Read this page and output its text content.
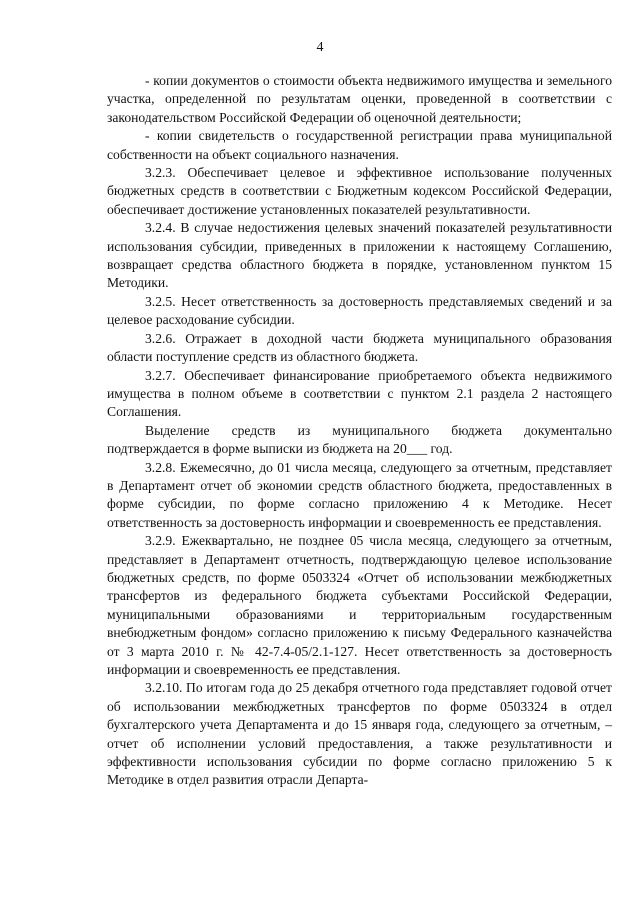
4

- копии документов о стоимости объекта недвижимого имущества и земельного участка, определенной по результатам оценки, проведенной в соответствии с законодательством Российской Федерации об оценочной деятельности;

- копии свидетельств о государственной регистрации права муниципальной собственности на объект социального назначения.

3.2.3. Обеспечивает целевое и эффективное использование полученных бюджетных средств в соответствии с Бюджетным кодексом Российской Федерации, обеспечивает достижение установленных показателей результативности.

3.2.4. В случае недостижения целевых значений показателей результативности использования субсидии, приведенных в приложении к настоящему Соглашению, возвращает средства областного бюджета в порядке, установленном пунктом 15 Методики.

3.2.5. Несет ответственность за достоверность представляемых сведений и за целевое расходование субсидии.

3.2.6. Отражает в доходной части бюджета муниципального образования области поступление средств из областного бюджета.

3.2.7. Обеспечивает финансирование приобретаемого объекта недвижимого имущества в полном объеме в соответствии с пунктом 2.1 раздела 2 настоящего Соглашения.

Выделение средств из муниципального бюджета документально подтверждается в форме выписки из бюджета на 20___ год.

3.2.8. Ежемесячно, до 01 числа месяца, следующего за отчетным, представляет в Департамент отчет об экономии средств областного бюджета, предоставленных в форме субсидии, по форме согласно приложению 4 к Методике. Несет ответственность за достоверность информации и своевременность ее представления.

3.2.9. Ежеквартально, не позднее 05 числа месяца, следующего за отчетным, представляет в Департамент отчетность, подтверждающую целевое использование бюджетных средств, по форме 0503324 «Отчет об использовании межбюджетных трансфертов из федерального бюджета субъектами Российской Федерации, муниципальными образованиями и территориальным государственным внебюджетным фондом» согласно приложению к письму Федерального казначейства от 3 марта 2010 г. № 42-7.4-05/2.1-127. Несет ответственность за достоверность информации и своевременность ее представления.

3.2.10. По итогам года до 25 декабря отчетного года представляет годовой отчет об использовании межбюджетных трансфертов по форме 0503324 в отдел бухгалтерского учета Департамента и до 15 января года, следующего за отчетным, – отчет об исполнении условий предоставления, а также результативности и эффективности использования субсидии по форме согласно приложению 5 к Методике в отдел развития отрасли Департа-
